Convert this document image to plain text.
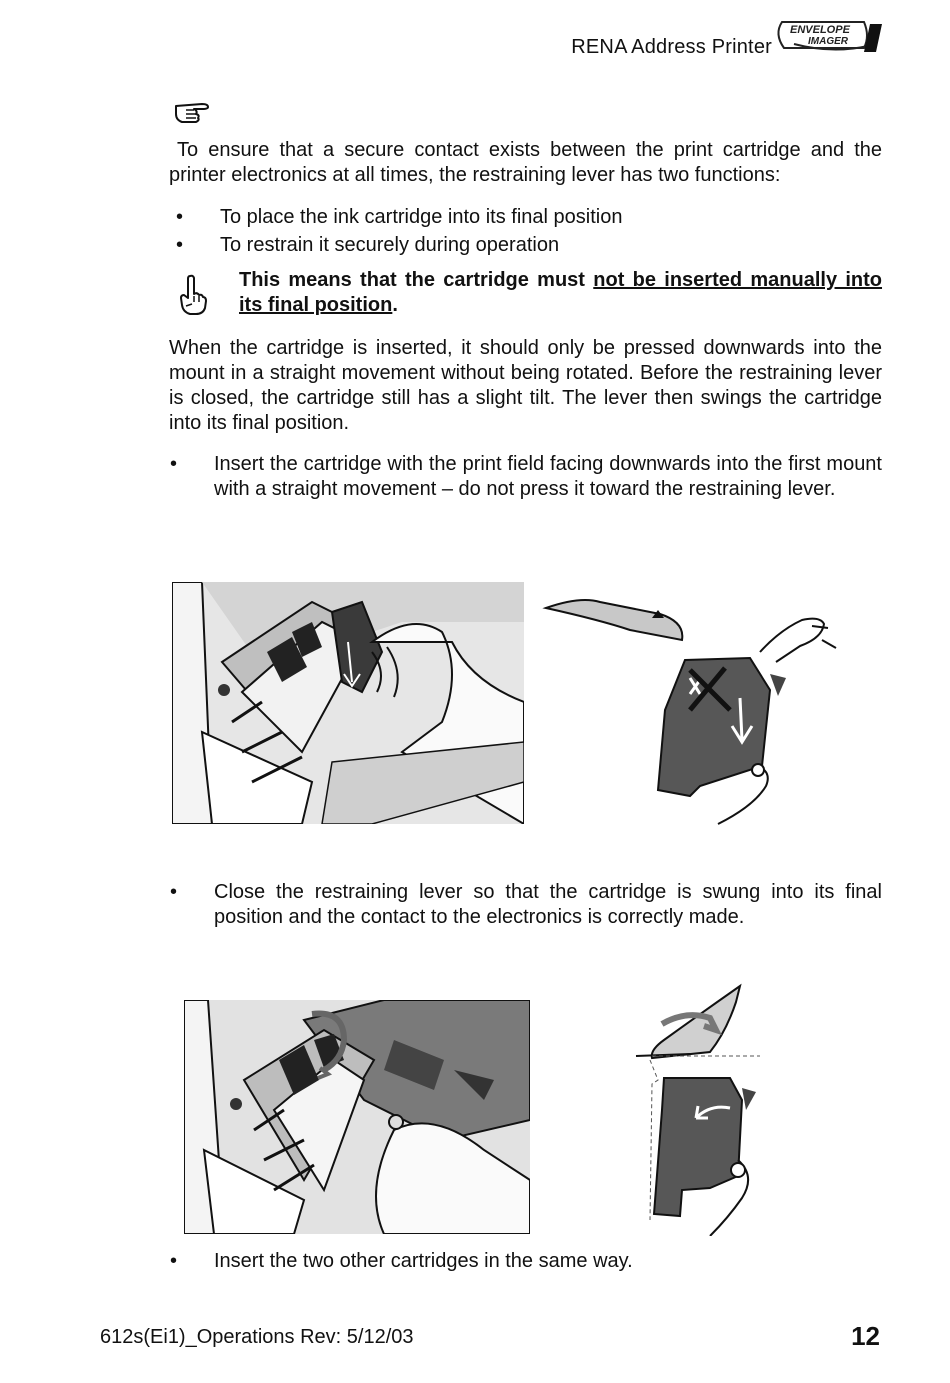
RENA Address Printer
ENVELOPE
IMAGER
To ensure that a secure contact exists between the print cartridge and the printer electronics at all times, the restraining lever has two functions:
•	To place the ink cartridge into its final position
•	To restrain it securely during operation
This means that the cartridge must not be inserted manually into its final position.
When the cartridge is inserted, it should only be pressed downwards into the mount in a straight movement without being rotated. Before the restraining lever is closed, the cartridge still has a slight tilt. The lever then swings the cartridge into its final position.
•	Insert the cartridge with the print field facing downwards into the first mount with a straight movement – do not press it toward the restraining lever.
•	Close the restraining lever so that the cartridge is swung into its final position and the contact to the electronics is correctly made.
•	Insert the two other cartridges in the same way.
612s(Ei1)_Operations Rev: 5/12/03	12
